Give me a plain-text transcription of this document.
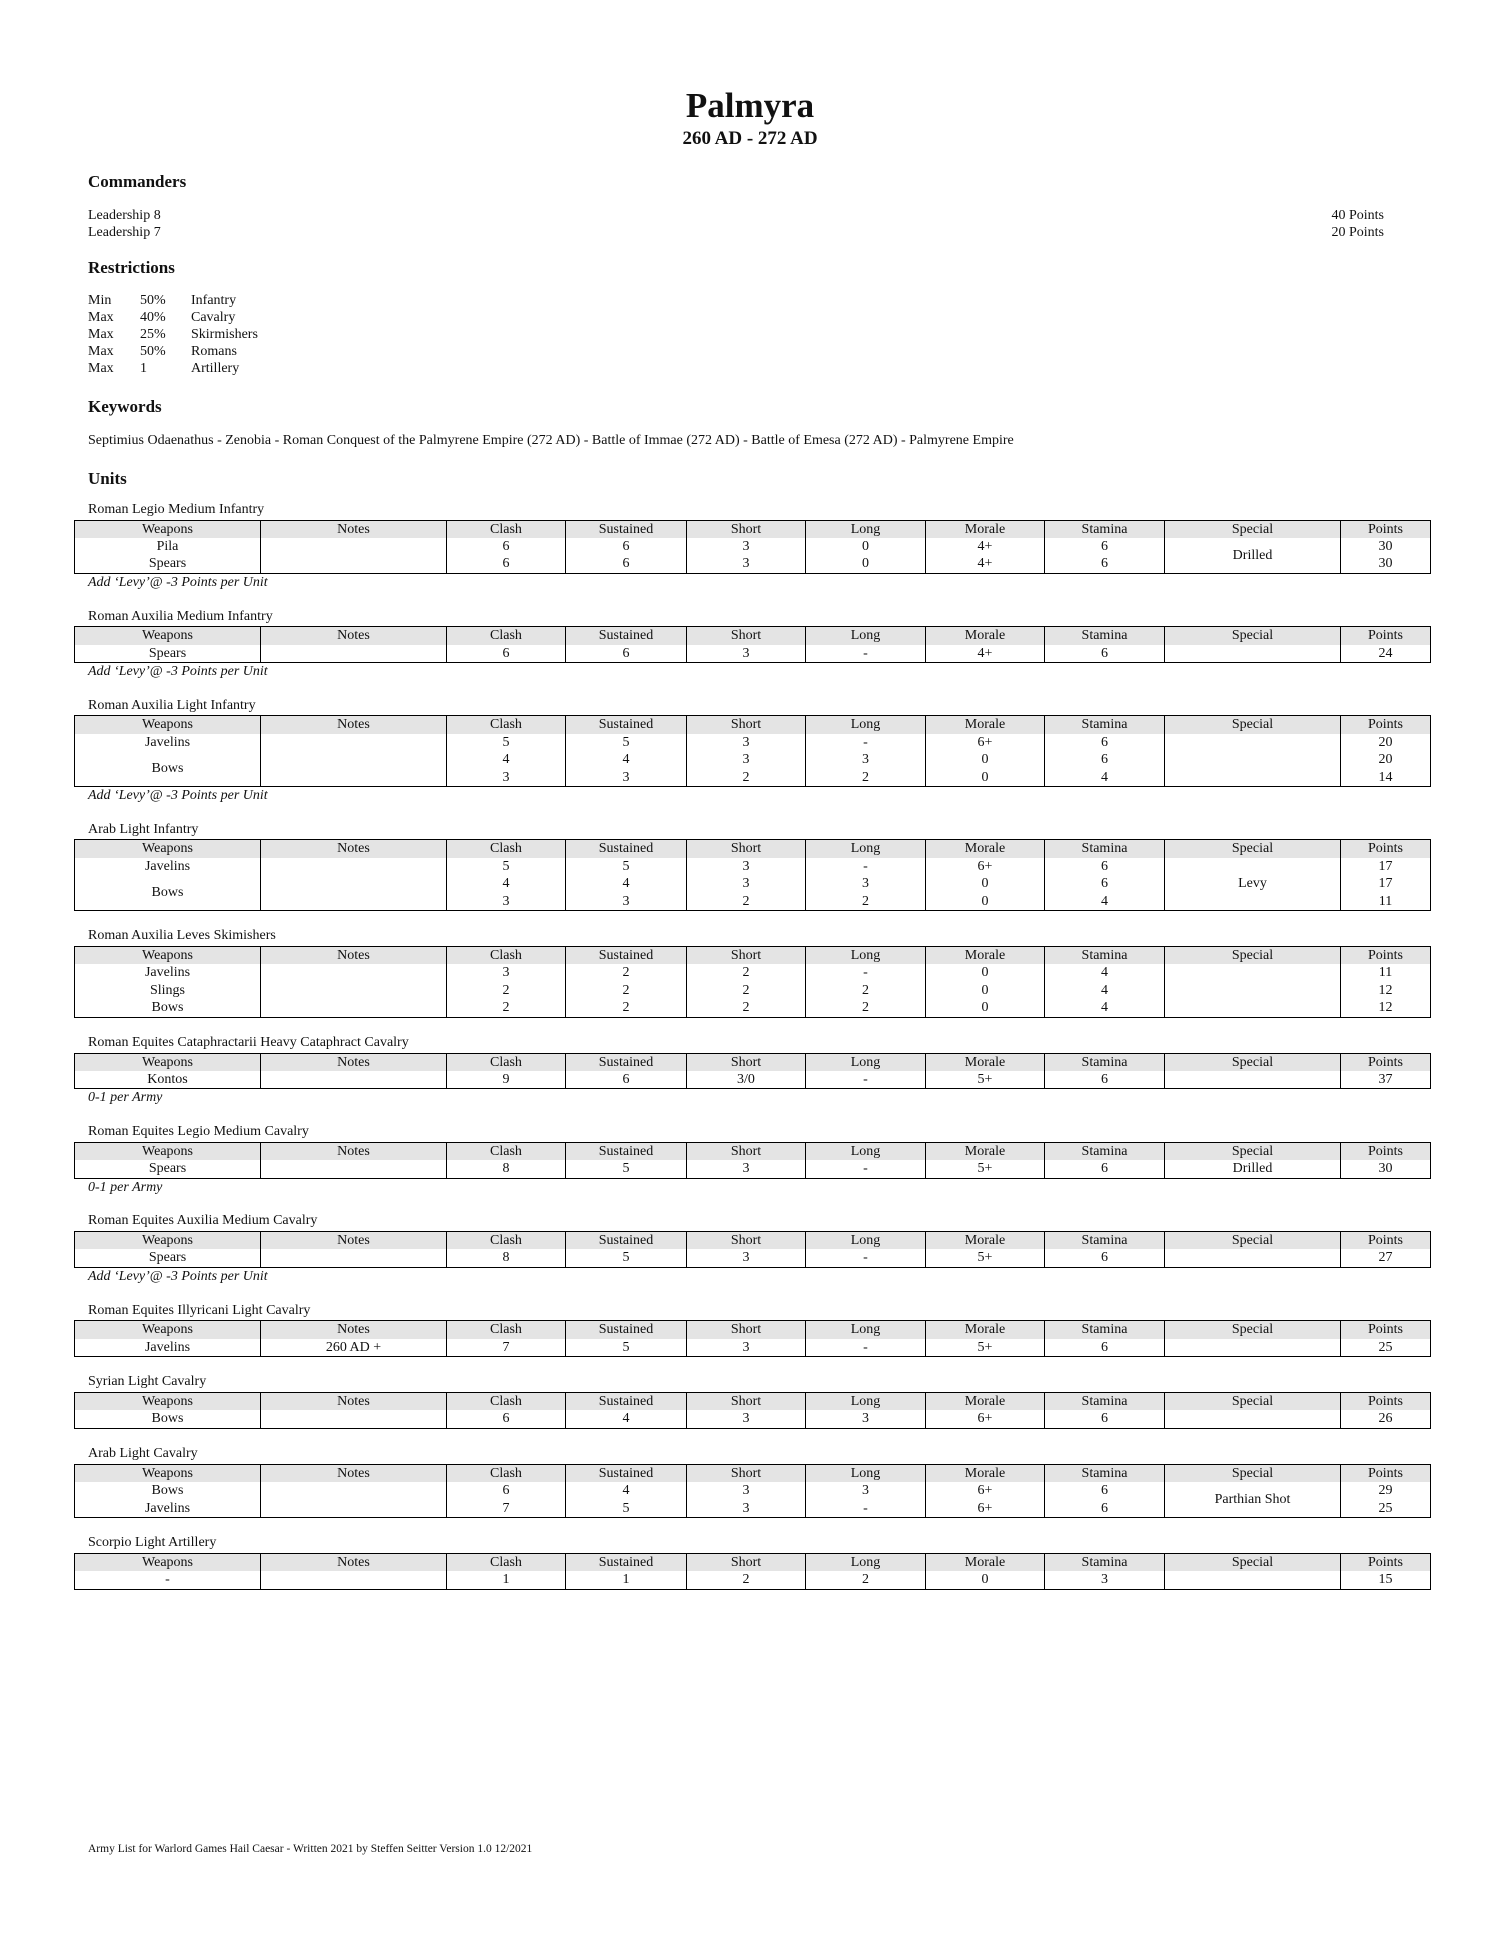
Palmyra
260 AD - 272 AD
Commanders
Leadership 8	40 Points
Leadership 7	20 Points
Restrictions
Min	50%	Infantry
Max	40%	Cavalry
Max	25%	Skirmishers
Max	50%	Romans
Max	1	Artillery
Keywords
Septimius Odaenathus - Zenobia - Roman Conquest of the Palmyrene Empire (272 AD) - Battle of Immae (272 AD) - Battle of Emesa (272 AD) - Palmyrene Empire
Units
Roman Legio Medium Infantry
Weapons	Notes	Clash	Sustained	Short	Long	Morale	Stamina	Special	Points
Pila		6	6	3	0	4+	6	Drilled	30
Spears		6	6	3	0	4+	6		30
Add ‘Levy’@ -3 Points per Unit
Roman Auxilia Medium Infantry
Weapons	Notes	Clash	Sustained	Short	Long	Morale	Stamina	Special	Points
Spears		6	6	3	-	4+	6		24
Add ‘Levy’@ -3 Points per Unit
Roman Auxilia Light Infantry
Weapons	Notes	Clash	Sustained	Short	Long	Morale	Stamina	Special	Points
Javelins		5	5	3	-	6+	6		20
Bows		4	4	3	3	0	6		20
		3	3	2	2	0	4		14
Add ‘Levy’@ -3 Points per Unit
Arab Light Infantry
Weapons	Notes	Clash	Sustained	Short	Long	Morale	Stamina	Special	Points
Javelins		5	5	3	-	6+	6	Levy	17
Bows		4	4	3	3	0	6		17
		3	3	2	2	0	4		11
Roman Auxilia Leves Skimishers
Weapons	Notes	Clash	Sustained	Short	Long	Morale	Stamina	Special	Points
Javelins		3	2	2	-	0	4		11
Slings		2	2	2	2	0	4		12
Bows		2	2	2	2	0	4		12
Roman Equites Cataphractarii Heavy Cataphract Cavalry
Weapons	Notes	Clash	Sustained	Short	Long	Morale	Stamina	Special	Points
Kontos		9	6	3/0	-	5+	6		37
0-1 per Army
Roman Equites Legio Medium Cavalry
Weapons	Notes	Clash	Sustained	Short	Long	Morale	Stamina	Special	Points
Spears		8	5	3	-	5+	6	Drilled	30
0-1 per Army
Roman Equites Auxilia Medium Cavalry
Weapons	Notes	Clash	Sustained	Short	Long	Morale	Stamina	Special	Points
Spears		8	5	3	-	5+	6		27
Add ‘Levy’@ -3 Points per Unit
Roman Equites Illyricani Light Cavalry
Weapons	Notes	Clash	Sustained	Short	Long	Morale	Stamina	Special	Points
Javelins	260 AD +	7	5	3	-	5+	6		25
Syrian Light Cavalry
Weapons	Notes	Clash	Sustained	Short	Long	Morale	Stamina	Special	Points
Bows		6	4	3	3	6+	6		26
Arab Light Cavalry
Weapons	Notes	Clash	Sustained	Short	Long	Morale	Stamina	Special	Points
Bows		6	4	3	3	6+	6	Parthian Shot	29
Javelins		7	5	3	-	6+	6		25
Scorpio Light Artillery
Weapons	Notes	Clash	Sustained	Short	Long	Morale	Stamina	Special	Points
-		1	1	2	2	0	3		15
Army List for Warlord Games Hail Caesar - Written 2021 by Steffen Seitter Version 1.0 12/2021
